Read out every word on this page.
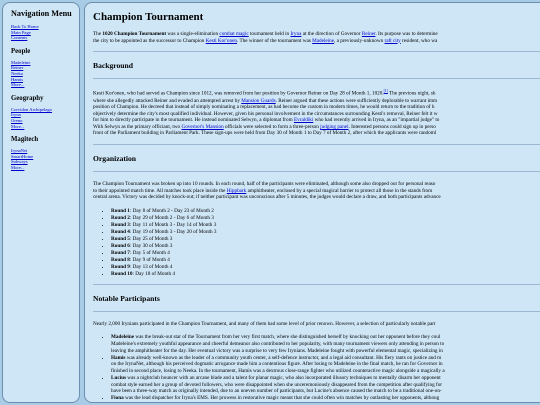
Navigation Menu
Back To Home
Main Page
Contents
People
Madeleine
Reiner
Neeka
Hamis
More...
Geography
Corvidon Archipelago
Iryna
Oreno
More...
Magitech
IrynaNet
SmartHome
Subways
More...
Champion Tournament
The 1020 Champion Tournament was a single-elimination combat magic tournament held in Iryna at the direction of Governor Reiner. Its purpose was to determine
the city to be appointed as the successor to Champion Kesti Kor'onen. The winner of the tournament was Madeleine, a previously-unknown raft city resident, who wa
Background
Kesti Kor'onen, who had served as Champion since 1012, was removed from her position by Governor Reiner on Day 28 of Month 1, 1020.[1] The previous night, sh
where she allegedly attacked Reiner and evaded an attempted arrest by Mansion Guards. Reiner argued that these actions were sufficiently deplorable to warrant imm
position of Champion. He decreed that instead of simply nominating a replacement, as had become the custom in modern times, he would return to the tradition of h
objectively determine the city's most qualified individual. However, given his personal involvement in the circumstances surrounding Kesti's removal, Reiner felt it w
for him to directly participate in the tournament. He instead nominated Selwyn, a diplomat from Evraldiki who had recently arrived in Iryna, as an "impartial judge" to
With Selwyn as the primary officiant, two Governor's Mansion officials were selected to form a three-person judging panel. Interested persons could sign up in perso
front of the Parliament building in Parliament Park. These sign-ups were held from Day 30 of Month 1 to Day 7 of Month 2, after which the applicants were randoml
Organization
The Champion Tournament was broken up into 10 rounds. In each round, half of the participants were eliminated, although some also dropped out for personal reaso
to their appointed match time. All matches took place inside the Hippbark amphitheater, enclosed by a special magical barrier to protect all those in the stands from
central arena. Victory was decided by knock-out; if neither participant was unconscious after 5 minutes, the judges would declare a draw, and both participants advance
• Round 1: Day 8 of Month 2 - Day 23 of Month 2
• Round 2: Day 29 of Month 2 - Day 6 of Month 3
• Round 3: Day 11 of Month 3 - Day 14 of Month 3
• Round 4: Day 19 of Month 3 - Day 20 of Month 3
• Round 5: Day 25 of Month 3
• Round 6: Day 30 of Month 3
• Round 7: Day 5 of Month 4
• Round 8: Day 9 of Month 4
• Round 9: Day 13 of Month 4
• Round 10: Day 18 of Month 4
Notable Participants
Nearly 2,000 Irynians participated in the Champion Tournament, and many of them had some level of prior renown. However, a selection of particularly notable part
• Madeleine was the break-out star of the Tournament from her very first match, where she distinguished herself by knocking out her opponent before they coul
Madeleine's extremely youthful appearance and cheerful demeanor also contributed to her popularity, with many tournament viewers only attending in person to
leaving the amphitheater for the day. Her eventual victory was a surprise to very few Irynians. Madeleine fought with powerful elemental magic, specializing in
• Hamis was already well-known as the leader of a community youth center, a self-defence instructor, and a legal aid consultant. His fiery rants on justice and m
on the IrynaNet, although his perceived dogmatic arrogance made him a contentious figure. After losing to Madeleine in the final match, he ran for Governor in
finished in second place, losing to Neeka. In the tournament, Hamis was a dextrous close-range fighter who utilized counteractive magic alongside a magically a
• Lucius was a nightclub bouncer with an arcane blade and a talent for planar magic, who also incorporated illusory techniques to mentally disarm her opponent
combat style earned her a group of devoted followers, who were disappointed when she unceremoniously disappeared from the competition after qualifying for
have been a three-way match as originally intended, due to an uneven number of participants, but Lucine's absence caused the match to be a traditional one-on-
• Fiona was the lead dispatcher for Iryna's EMS. Her prowess in restorative magic meant that she could often win matches by outlasting her opponents, althoug
